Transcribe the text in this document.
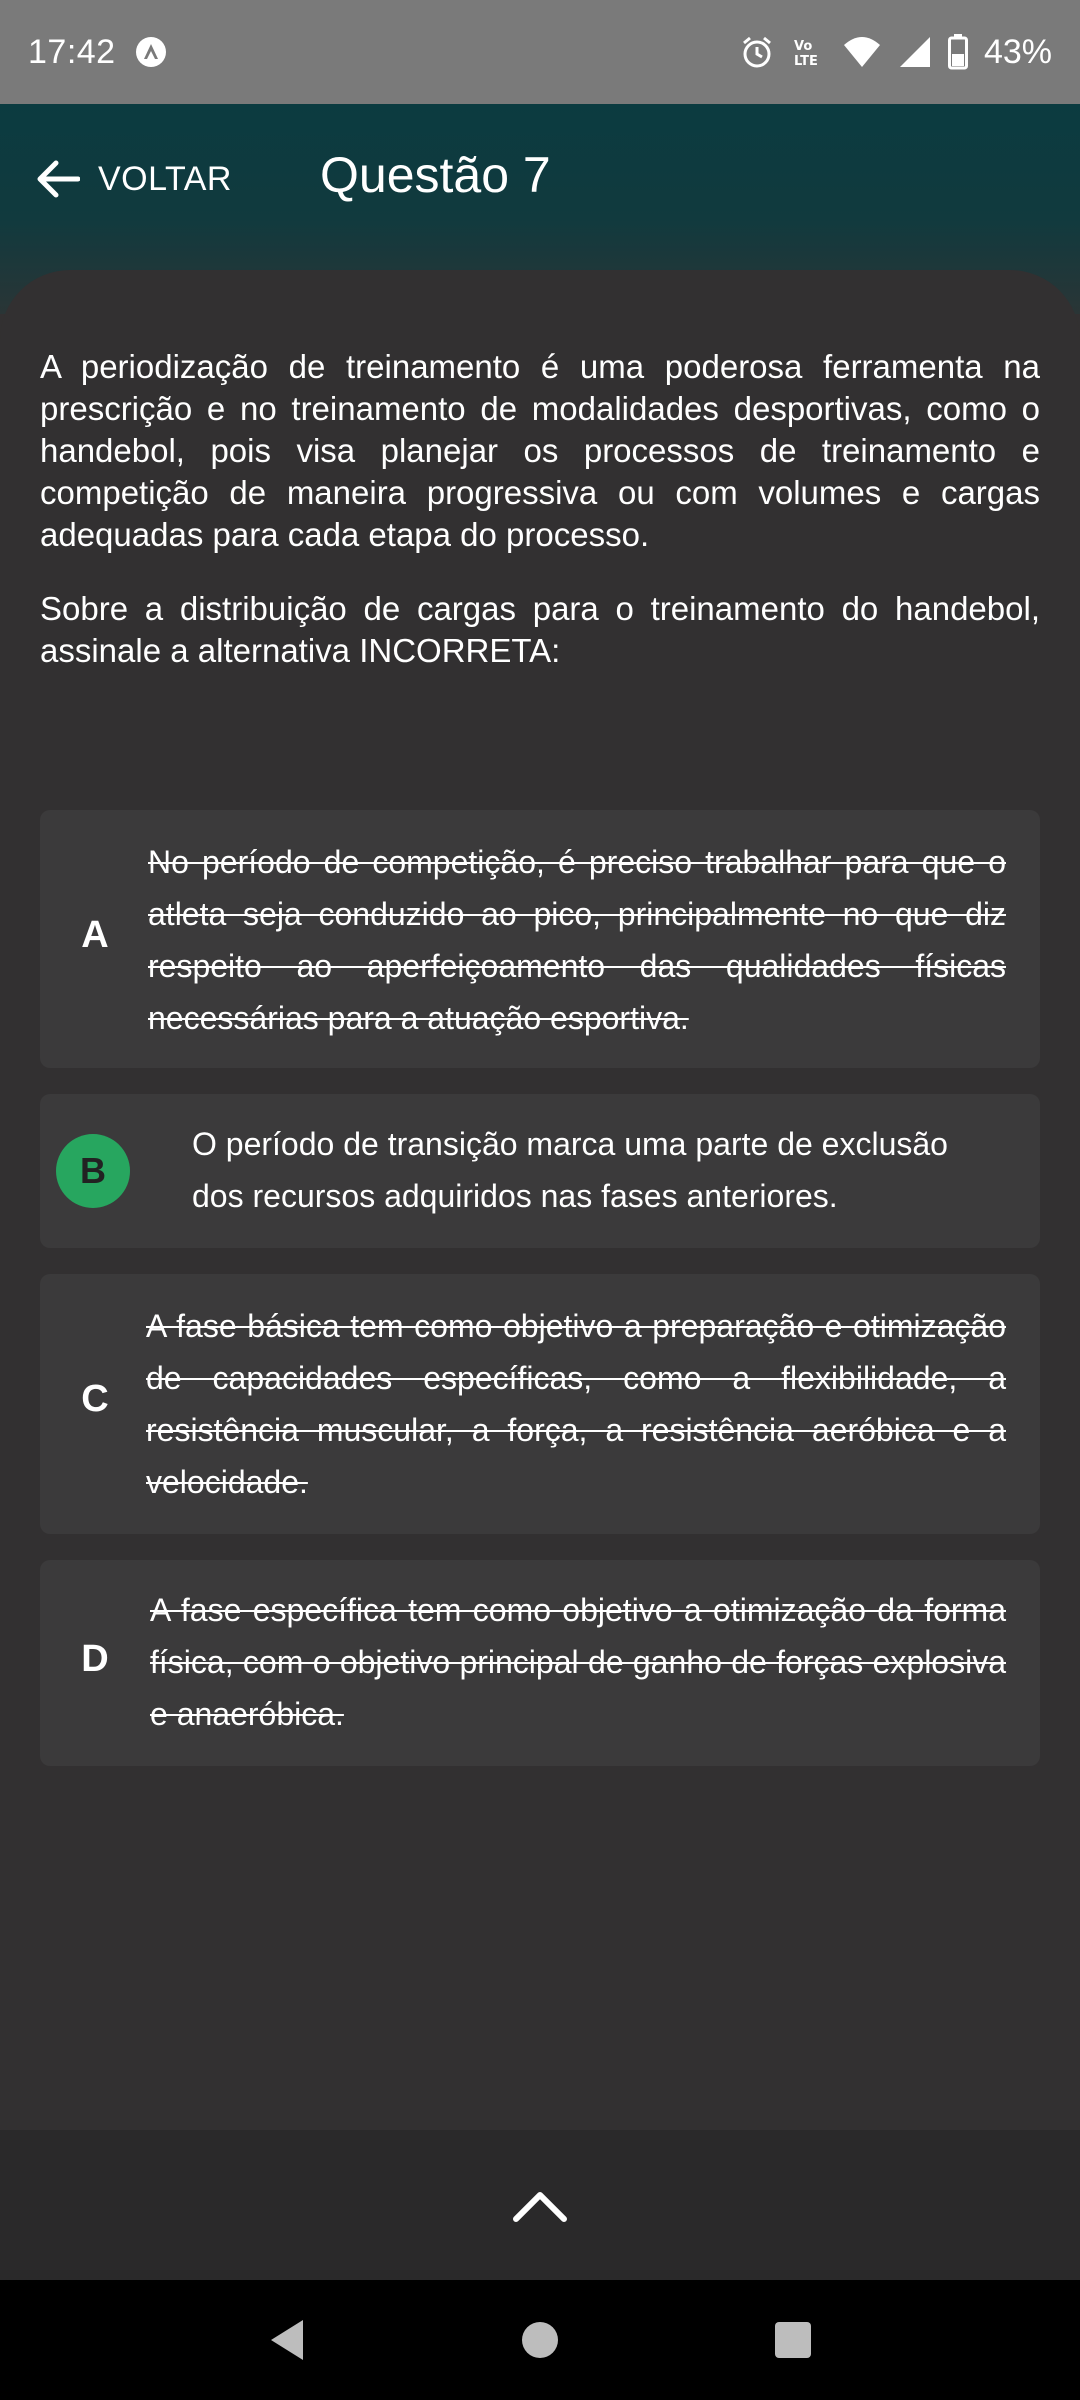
17:42	Vo
LTE	43%
VOLTAR Questão 7

A periodização de treinamento é uma poderosa ferramenta na prescrição e no treinamento de modalidades desportivas, como o handebol, pois visa planejar os processos de treinamento e competição de maneira progressiva ou com volumes e cargas adequadas para cada etapa do processo.

Sobre a distribuição de cargas para o treinamento do handebol, assinale a alternativa INCORRETA:

A
No período de competição, é preciso trabalhar para que o atleta seja conduzido ao pico, principalmente no que diz respeito ao aperfeiçoamento das qualidades físicas necessárias para a atuação esportiva.
B
O período de transição marca uma parte de exclusão dos recursos adquiridos nas fases anteriores.
C
A fase básica tem como objetivo a preparação e otimização de capacidades específicas, como a flexibilidade, a resistência muscular, a força, a resistência aeróbica e a velocidade.
D
A fase específica tem como objetivo a otimização da forma física, com o objetivo principal de ganho de forças explosiva e anaeróbica.
